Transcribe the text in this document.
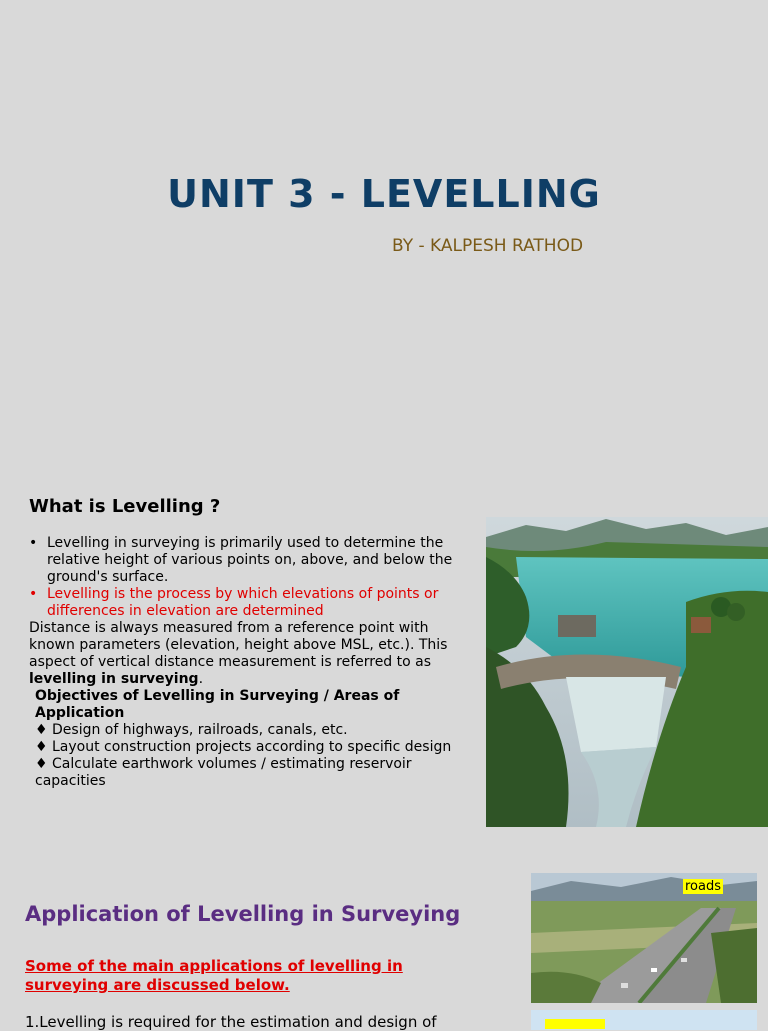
UNIT 3 - LEVELLING

BY - KALPESH RATHOD

What is Levelling ?
• Levelling in surveying is primarily used to determine the relative height of various points on, above, and below the ground's surface.
• Levelling is the process by which elevations of points or differences in elevation are determined
Distance is always measured from a reference point with known parameters (elevation, height above MSL, etc.). This aspect of vertical distance measurement is referred to as levelling in surveying.
Objectives of Levelling in Surveying / Areas of Application
♦ Design of highways, railroads, canals, etc.
♦ Layout construction projects according to specific design
♦ Calculate earthwork volumes / estimating reservoir capacities
Application of Levelling in Surveying

Some of the main applications of levelling in surveying are discussed below.

1.Levelling is required for the estimation and design of
roads
